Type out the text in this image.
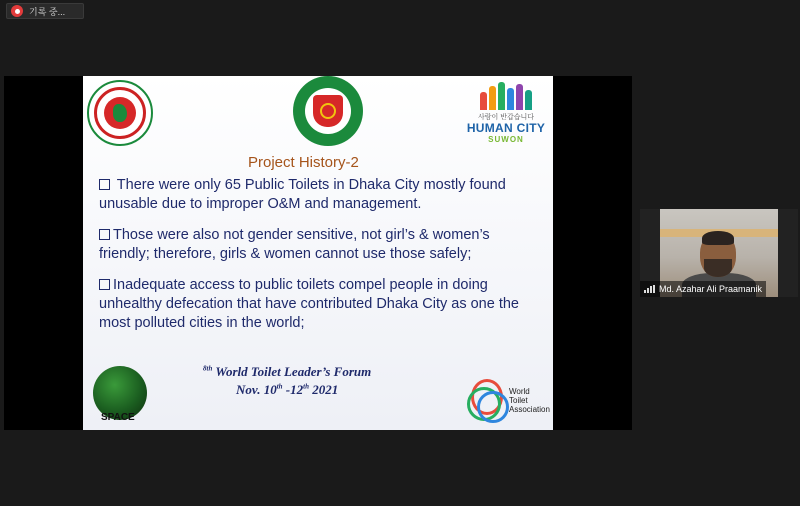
기록 중...
사람이 반갑습니다
HUMAN CITY
SUWON
Project History-2

There were only 65 Public Toilets in Dhaka City mostly found unusable due to improper O&M and management.

Those were also not gender sensitive, not girl’s & women’s friendly; therefore, girls & women cannot use those safely;

Inadequate access to public toilets compel people in doing unhealthy defecation that have contributed Dhaka City as one the most polluted cities in the world;

SPACE
$^{8th}$ World Toilet Leader’s Forum
Nov. 10th -12th 2021	World
Toilet
Association
Md. Azahar Ali Praamanik
